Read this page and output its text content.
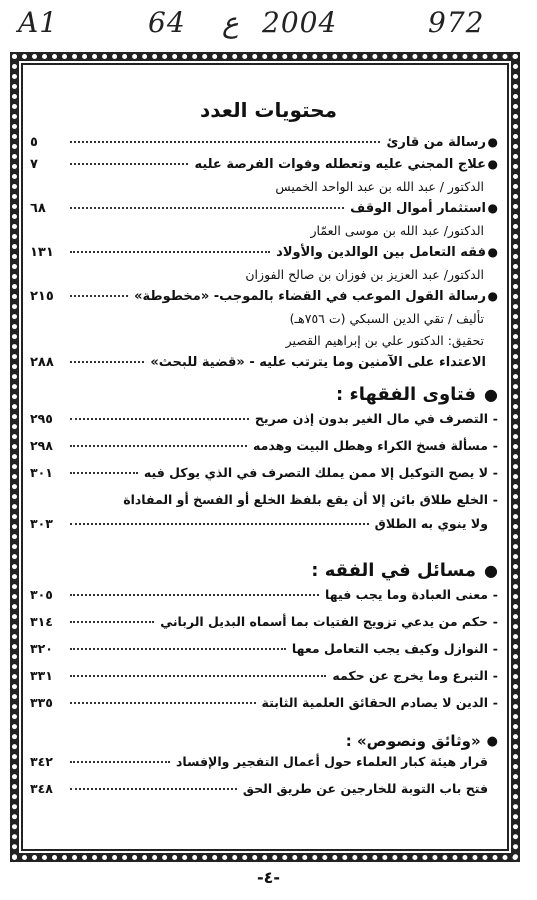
A1	64 ع 2004	972
محتويات العدد
●
رسالة من قارئ
٥
●
علاج المجني عليه وتعطله وفوات الفرصة عليه
٧
الدكتور / عبد الله بن عبد الواحد الخميس
●
استثمار أموال الوقف
٦٨
الدكتور/ عبد الله بن موسى العمّار
●
فقه التعامل بين الوالدين والأولاد
١٣١
الدكتور/ عبد العزيز بن فوزان بن صالح الفوزان
●
رسالة القول الموعب في القضاء بالموجب- «مخطوطة»
٢١٥
تأليف / تقي الدين السبكي (ت ٧٥٦هـ)
تحقيق: الدكتور علي بن إبراهيم القصير
الاعتداء على الآمنين وما يترتب عليه - «قضية للبحث»
٢٨٨
●
فتاوى الفقهاء :
-
التصرف في مال الغير بدون إذن صريح
٢٩٥
-
مسألة فسخ الكراء وهطل البيت وهدمه
٢٩٨
-
لا يصح التوكيل إلا ممن يملك التصرف في الذي يوكل فيه
٣٠١
-
الخلع طلاق بائن إلا أن يقع بلفظ الخلع أو الفسخ أو المفاداة
ولا ينوي به الطلاق
٣٠٣
●
مسائل في الفقه :
-
معنى العبادة وما يجب فيها
٣٠٥
-
حكم من يدعي تزويج الفتيات بما أسماه البديل الرباني
٣١٤
-
النوازل وكيف يجب التعامل معها
٣٢٠
-
التبرع وما يخرج عن حكمه
٣٣١
-
الدين لا يصادم الحقائق العلمية الثابتة
٣٣٥
●
«وثائق ونصوص» :
قرار هيئة كبار العلماء حول أعمال التفجير والإفساد
٣٤٢
فتح باب التوبة للخارجين عن طريق الحق
٣٤٨
-٤-
